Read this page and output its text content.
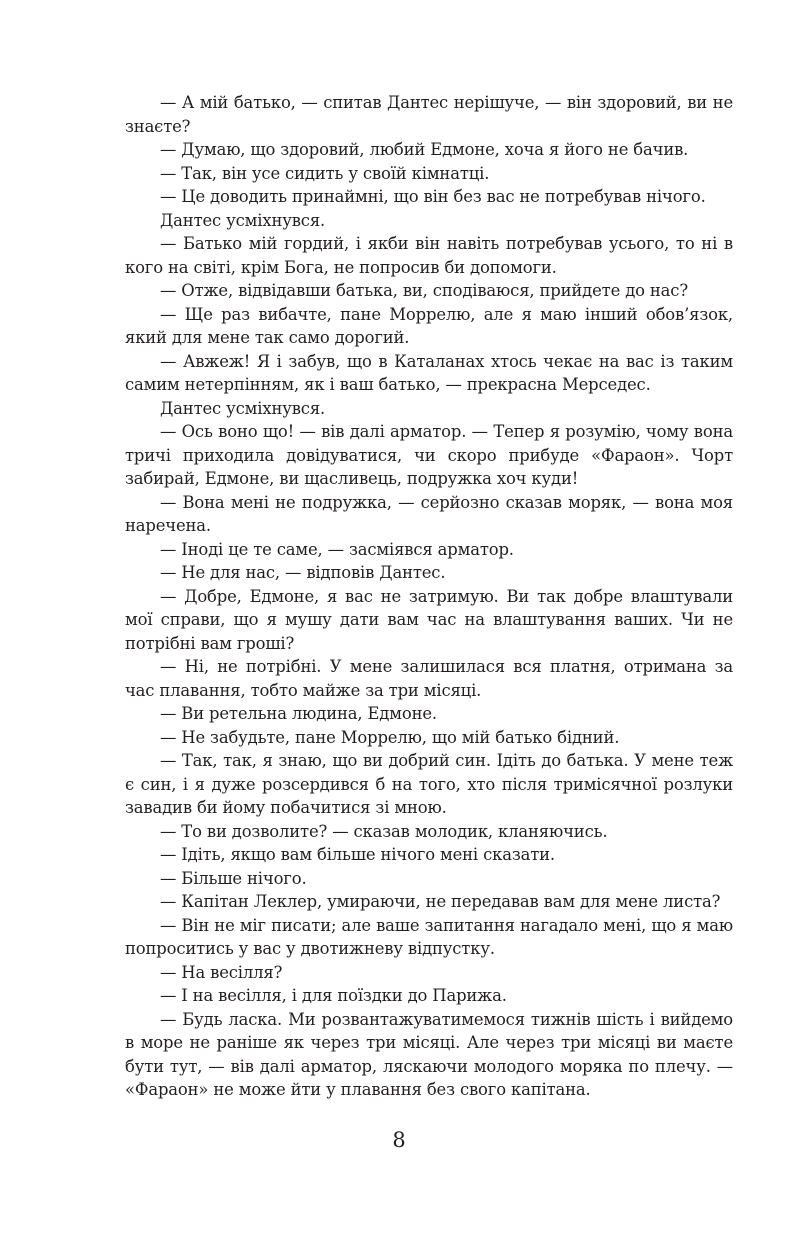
— А мій батько, — спитав Дантес нерішуче, — він здоровий, ви не знаєте?

— Думаю, що здоровий, любий Едмоне, хоча я його не бачив.

— Так, він усе сидить у своїй кімнатці.

— Це доводить принаймні, що він без вас не потребував нічого.

Дантес усміхнувся.

— Батько мій гордий, і якби він навіть потребував усього, то ні в кого на світі, крім Бога, не попросив би допомоги.

— Отже, відвідавши батька, ви, сподіваюся, прийдете до нас?

— Ще раз вибачте, пане Моррелю, але я маю інший обов’язок, який для мене так само дорогий.

— Авжеж! Я і забув, що в Каталанах хтось чекає на вас із таким самим нетерпінням, як і ваш батько, — прекрасна Мерседес.

Дантес усміхнувся.

— Ось воно що! — вів далі арматор. — Тепер я розумію, чому вона тричі приходила довідуватися, чи скоро прибуде «Фараон». Чорт забирай, Едмоне, ви щасливець, подружка хоч куди!

— Вона мені не подружка, — серйозно сказав моряк, — вона моя наречена.

— Іноді це те саме, — засміявся арматор.

— Не для нас, — відповів Дантес.

— Добре, Едмоне, я вас не затримую. Ви так добре влаштували мої справи, що я мушу дати вам час на влаштування ваших. Чи не потрібні вам гроші?

— Ні, не потрібні. У мене залишилася вся платня, отримана за час плавання, тобто майже за три місяці.

— Ви ретельна людина, Едмоне.

— Не забудьте, пане Моррелю, що мій батько бідний.

— Так, так, я знаю, що ви добрий син. Ідіть до батька. У мене теж є син, і я дуже розсердився б на того, хто після тримісячної розлуки завадив би йому побачитися зі мною.

— То ви дозволите? — сказав молодик, кланяючись.

— Ідіть, якщо вам більше нічого мені сказати.

— Більше нічого.

— Капітан Леклер, умираючи, не передавав вам для мене листа?

— Він не міг писати; але ваше запитання нагадало мені, що я маю попроситись у вас у двотижневу відпустку.

— На весілля?

— І на весілля, і для поїздки до Парижа.

— Будь ласка. Ми розвантажуватимемося тижнів шість і вийдемо в море не раніше як через три місяці. Але через три місяці ви маєте бути тут, — вів далі арматор, ляскаючи молодого моряка по плечу. — «Фараон» не може йти у плавання без свого капітана.

8
